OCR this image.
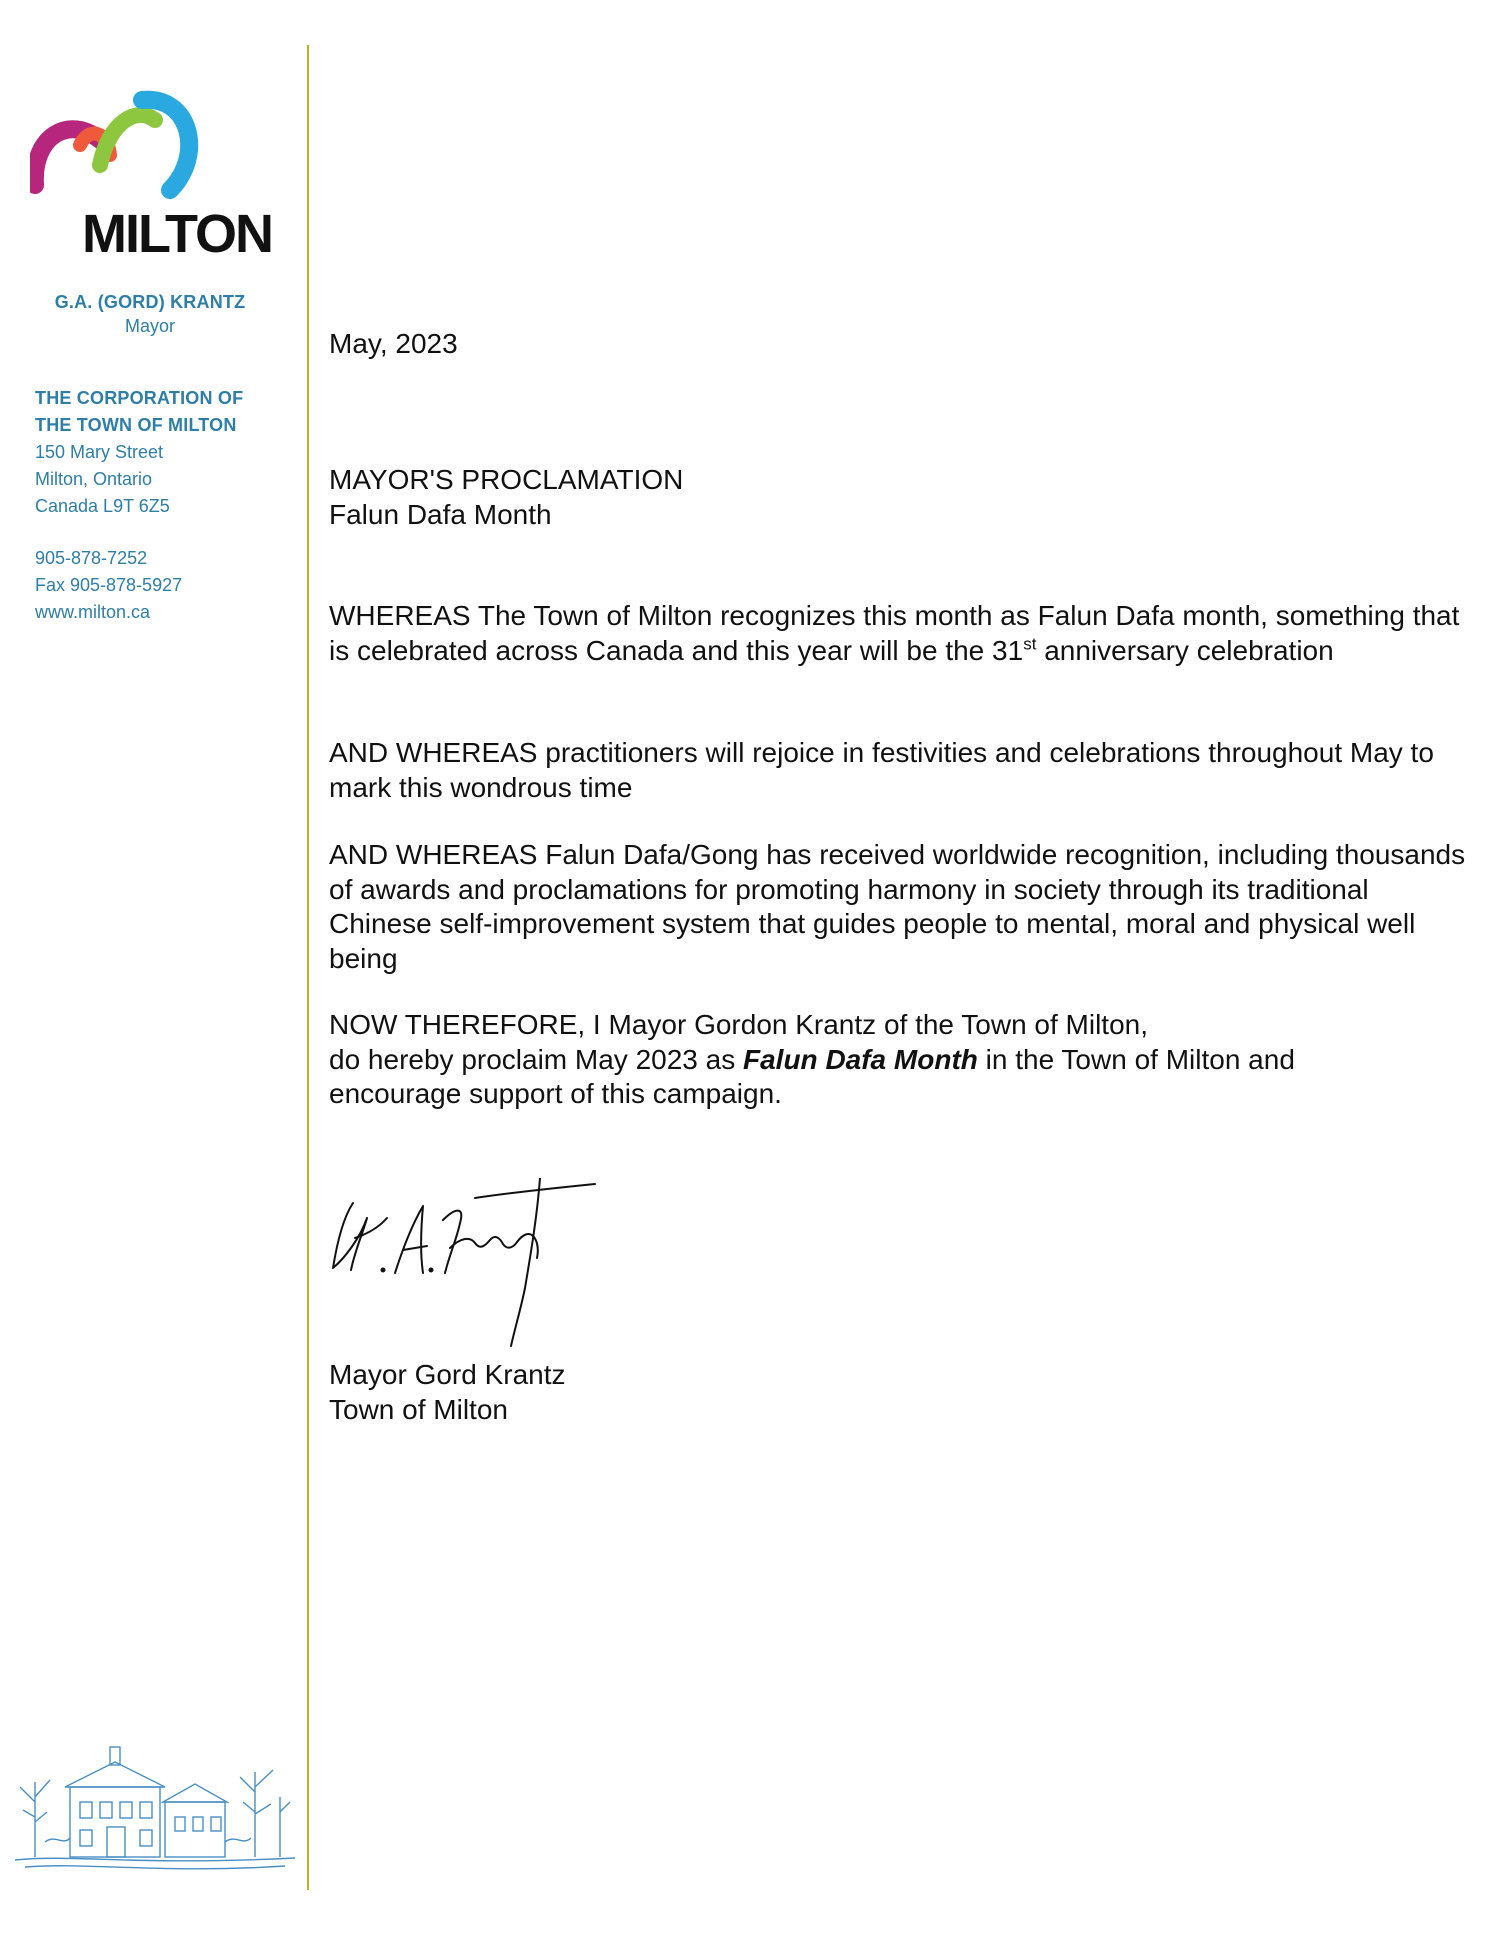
MILTON
G.A. (GORD) KRANTZ
Mayor
THE CORPORATION OF
THE TOWN OF MILTON
150 Mary Street
Milton, Ontario
Canada L9T 6Z5
905-878-7252
Fax 905-878-5927
www.milton.ca

May, 2023

MAYOR'S PROCLAMATION
Falun Dafa Month

WHEREAS The Town of Milton recognizes this month as Falun Dafa month, something that is celebrated across Canada and this year will be the 31st anniversary celebration

AND WHEREAS practitioners will rejoice in festivities and celebrations throughout May to mark this wondrous time

AND WHEREAS Falun Dafa/Gong has received worldwide recognition, including thousands of awards and proclamations for promoting harmony in society through its traditional Chinese self-improvement system that guides people to mental, moral and physical well being

NOW THEREFORE, I Mayor Gordon Krantz of the Town of Milton,
do hereby proclaim May 2023 as Falun Dafa Month in the Town of Milton and
encourage support of this campaign.

Mayor Gord Krantz
Town of Milton
